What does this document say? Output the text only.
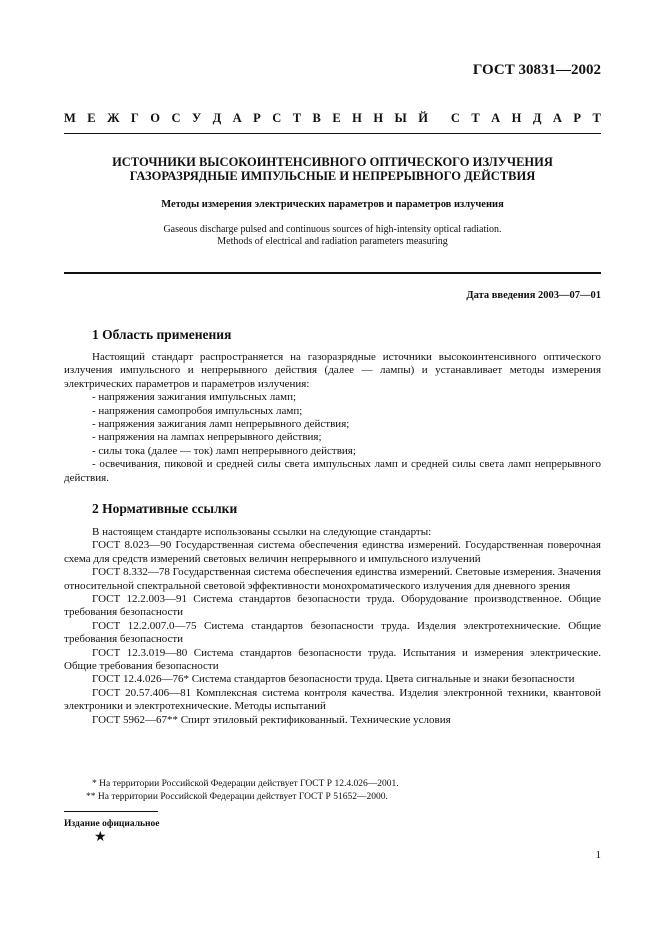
ГОСТ 30831—2002
М Е Ж Г О С У Д А Р С Т В Е Н Н Ы Й С Т А Н Д А Р Т
ИСТОЧНИКИ ВЫСОКОИНТЕНСИВНОГО ОПТИЧЕСКОГО ИЗЛУЧЕНИЯ
ГАЗОРАЗРЯДНЫЕ ИМПУЛЬСНЫЕ И НЕПРЕРЫВНОГО ДЕЙСТВИЯ
Методы измерения электрических параметров и параметров излучения
Gaseous discharge pulsed and continuous sources of high-intensity optical radiation.
Methods of electrical and radiation parameters measuring
Дата введения 2003—07—01
1 Область применения

Настоящий стандарт распространяется на газоразрядные источники высокоинтенсивного оптического излучения импульсного и непрерывного действия (далее — лампы) и устанавливает методы измерения электрических параметров и параметров излучения:

- напряжения зажигания импульсных ламп;

- напряжения самопробоя импульсных ламп;

- напряжения зажигания ламп непрерывного действия;

- напряжения на лампах непрерывного действия;

- силы тока (далее — ток) ламп непрерывного действия;

- освечивания, пиковой и средней силы света импульсных ламп и средней силы света ламп непрерывного действия.

2 Нормативные ссылки

В настоящем стандарте использованы ссылки на следующие стандарты:

ГОСТ 8.023—90 Государственная система обеспечения единства измерений. Государственная поверочная схема для средств измерений световых величин непрерывного и импульсного излучений

ГОСТ 8.332—78 Государственная система обеспечения единства измерений. Световые измерения. Значения относительной спектральной световой эффективности монохроматического излучения для дневного зрения

ГОСТ 12.2.003—91 Система стандартов безопасности труда. Оборудование производственное. Общие требования безопасности

ГОСТ 12.2.007.0—75 Система стандартов безопасности труда. Изделия электротехнические. Общие требования безопасности

ГОСТ 12.3.019—80 Система стандартов безопасности труда. Испытания и измерения электрические. Общие требования безопасности

ГОСТ 12.4.026—76* Система стандартов безопасности труда. Цвета сигнальные и знаки безопасности

ГОСТ 20.57.406—81 Комплексная система контроля качества. Изделия электронной техники, квантовой электроники и электротехнические. Методы испытаний

ГОСТ 5962—67** Спирт этиловый ректификованный. Технические условия

* На территории Российской Федерации действует ГОСТ Р 12.4.026—2001.

** На территории Российской Федерации действует ГОСТ Р 51652—2000.

Издание официальное
★
1
